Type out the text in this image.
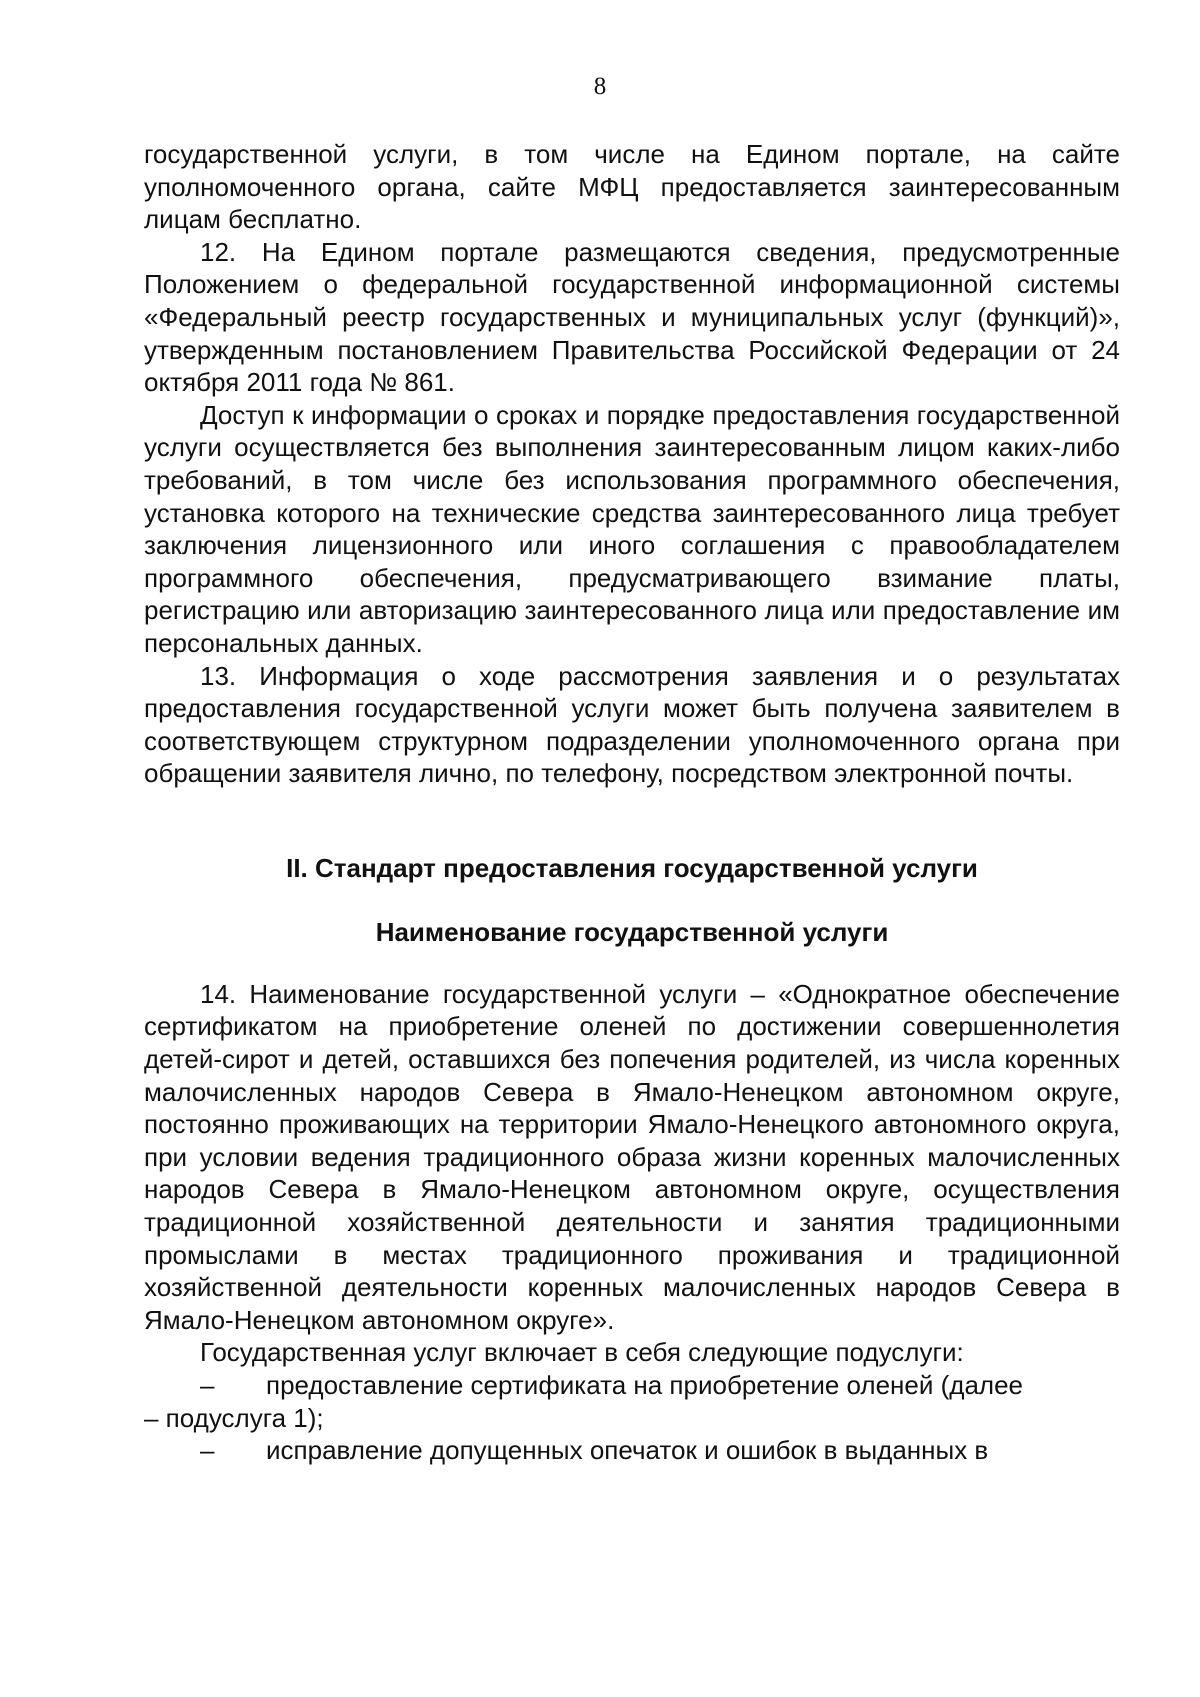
8

государственной услуги, в том числе на Едином портале, на сайте уполномоченного органа, сайте МФЦ предоставляется заинтересованным лицам бесплатно.

12. На Едином портале размещаются сведения, предусмотренные Положением о федеральной государственной информационной системы «Федеральный реестр государственных и муниципальных услуг (функций)», утвержденным постановлением Правительства Российской Федерации от 24 октября 2011 года № 861.

Доступ к информации о сроках и порядке предоставления государственной услуги осуществляется без выполнения заинтересованным лицом каких-либо требований, в том числе без использования программного обеспечения, установка которого на технические средства заинтересованного лица требует заключения лицензионного или иного соглашения с правообладателем программного обеспечения, предусматривающего взимание платы, регистрацию или авторизацию заинтересованного лица или предоставление им персональных данных.

13. Информация о ходе рассмотрения заявления и о результатах предоставления государственной услуги может быть получена заявителем в соответствующем структурном подразделении уполномоченного органа при обращении заявителя лично, по телефону, посредством электронной почты.

II. Стандарт предоставления государственной услуги
Наименование государственной услуги

14. Наименование государственной услуги – «Однократное обеспечение сертификатом на приобретение оленей по достижении совершеннолетия детей-сирот и детей, оставшихся без попечения родителей, из числа коренных малочисленных народов Севера в Ямало-Ненецком автономном округе, постоянно проживающих на территории Ямало-Ненецкого автономного округа, при условии ведения традиционного образа жизни коренных малочисленных народов Севера в Ямало-Ненецком автономном округе, осуществления традиционной хозяйственной деятельности и занятия традиционными промыслами в местах традиционного проживания и традиционной хозяйственной деятельности коренных малочисленных народов Севера в Ямало-Ненецком автономном округе».

Государственная услуг включает в себя следующие подуслуги:

–	предоставление сертификата на приобретение оленей (далее

– подуслуга 1);

–	исправление допущенных опечаток и ошибок в выданных в
